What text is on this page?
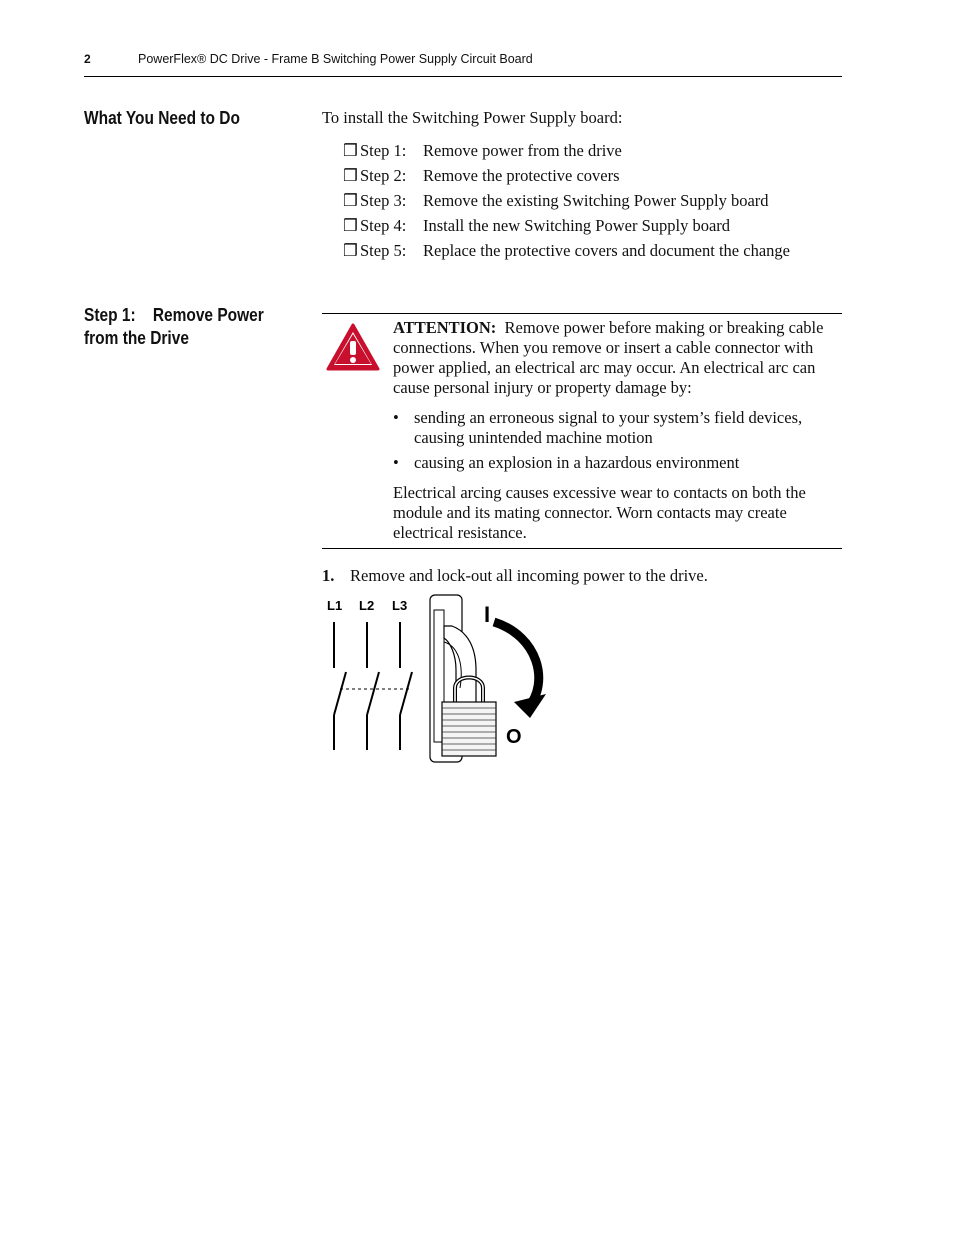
2	PowerFlex® DC Drive - Frame B Switching Power Supply Circuit Board
What You Need to Do	To install the Switching Power Supply board:
❒ Step 1: Remove power from the drive
❒ Step 2: Remove the protective covers
❒ Step 3: Remove the existing Switching Power Supply board
❒ Step 4: Install the new Switching Power Supply board
❒ Step 5: Replace the protective covers and document the change
Step 1:    Remove Power
from the Drive

ATTENTION: Remove power before making or breaking cable connections. When you remove or insert a cable connector with power applied, an electrical arc may occur. An electrical arc can cause personal injury or property damage by:

• sending an erroneous signal to your system’s field devices, causing unintended machine motion
• causing an explosion in a hazardous environment

Electrical arcing causes excessive wear to contacts on both the module and its mating connector. Worn contacts may create electrical resistance.

1. Remove and lock-out all incoming power to the drive.
L1 L2 L3	I
O
